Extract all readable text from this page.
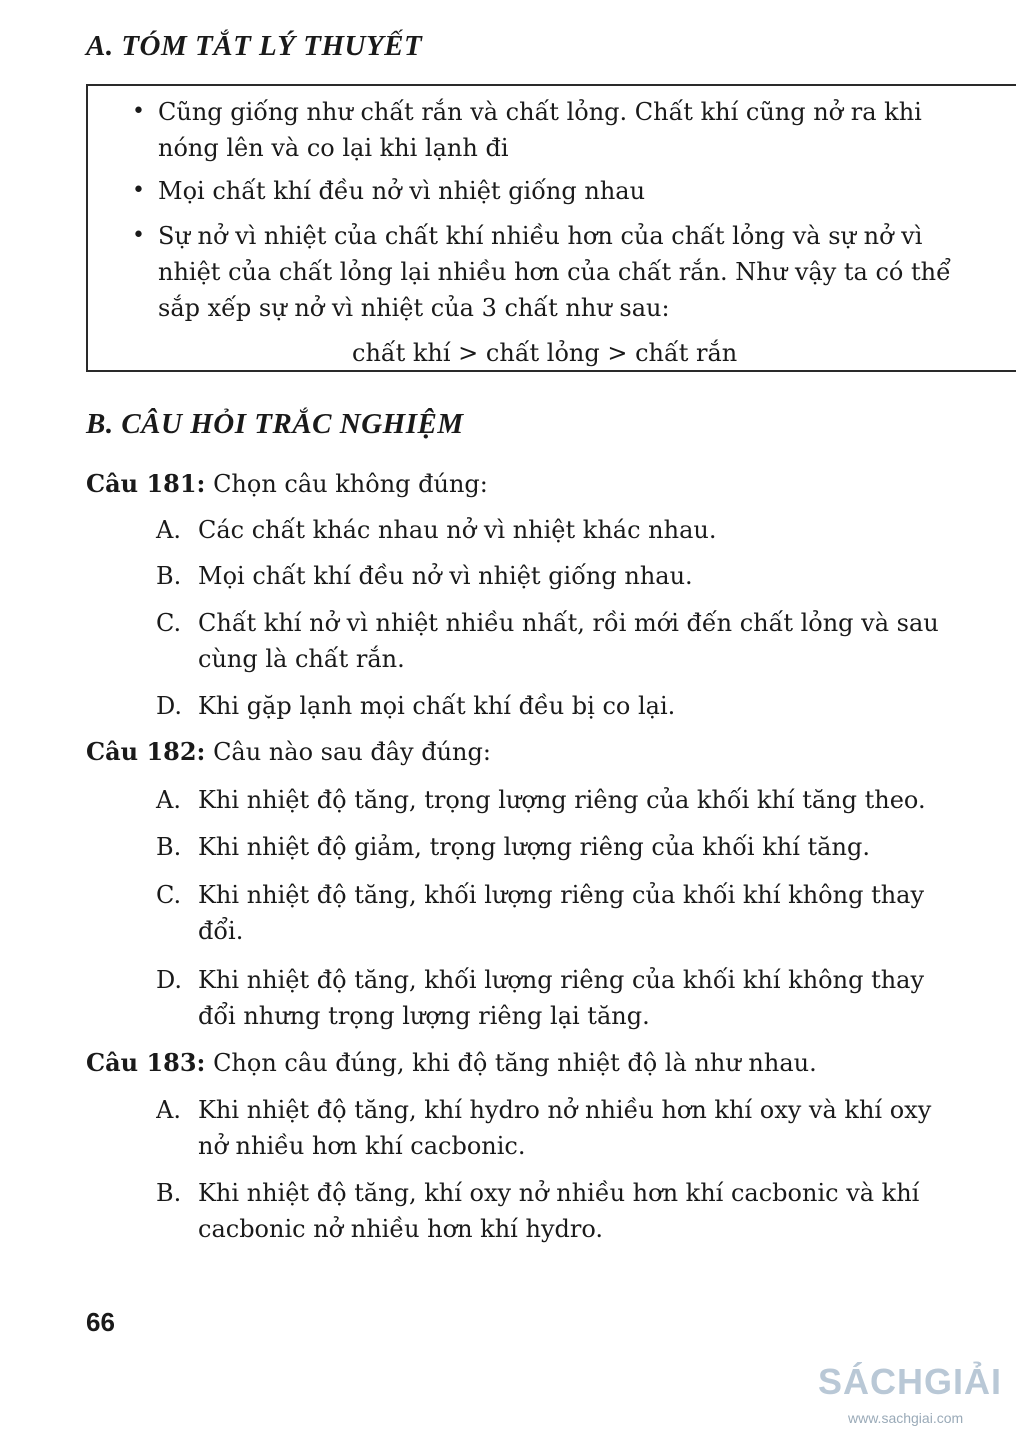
A. TÓM TẮT LÝ THUYẾT
• Cũng giống như chất rắn và chất lỏng. Chất khí cũng nở ra khi
nóng lên và co lại khi lạnh đi
• Mọi chất khí đều nở vì nhiệt giống nhau
• Sự nở vì nhiệt của chất khí nhiều hơn của chất lỏng và sự nở vì
nhiệt của chất lỏng lại nhiều hơn của chất rắn. Như vậy ta có thể
sắp xếp sự nở vì nhiệt của 3 chất như sau:
chất khí > chất lỏng > chất rắn
B. CÂU HỎI TRẮC NGHIỆM
Câu 181: Chọn câu không đúng:
A. Các chất khác nhau nở vì nhiệt khác nhau.
B. Mọi chất khí đều nở vì nhiệt giống nhau.
C. Chất khí nở vì nhiệt nhiều nhất, rồi mới đến chất lỏng và sau
cùng là chất rắn.
D. Khi gặp lạnh mọi chất khí đều bị co lại.
Câu 182: Câu nào sau đây đúng:
A. Khi nhiệt độ tăng, trọng lượng riêng của khối khí tăng theo.
B. Khi nhiệt độ giảm, trọng lượng riêng của khối khí tăng.
C. Khi nhiệt độ tăng, khối lượng riêng của khối khí không thay
đổi.
D. Khi nhiệt độ tăng, khối lượng riêng của khối khí không thay
đổi nhưng trọng lượng riêng lại tăng.
Câu 183: Chọn câu đúng, khi độ tăng nhiệt độ là như nhau.
A. Khi nhiệt độ tăng, khí hydro nở nhiều hơn khí oxy và khí oxy
nở nhiều hơn khí cacbonic.
B. Khi nhiệt độ tăng, khí oxy nở nhiều hơn khí cacbonic và khí
cacbonic nở nhiều hơn khí hydro.
66
SÁCHGIẢI
www.sachgiai.com
